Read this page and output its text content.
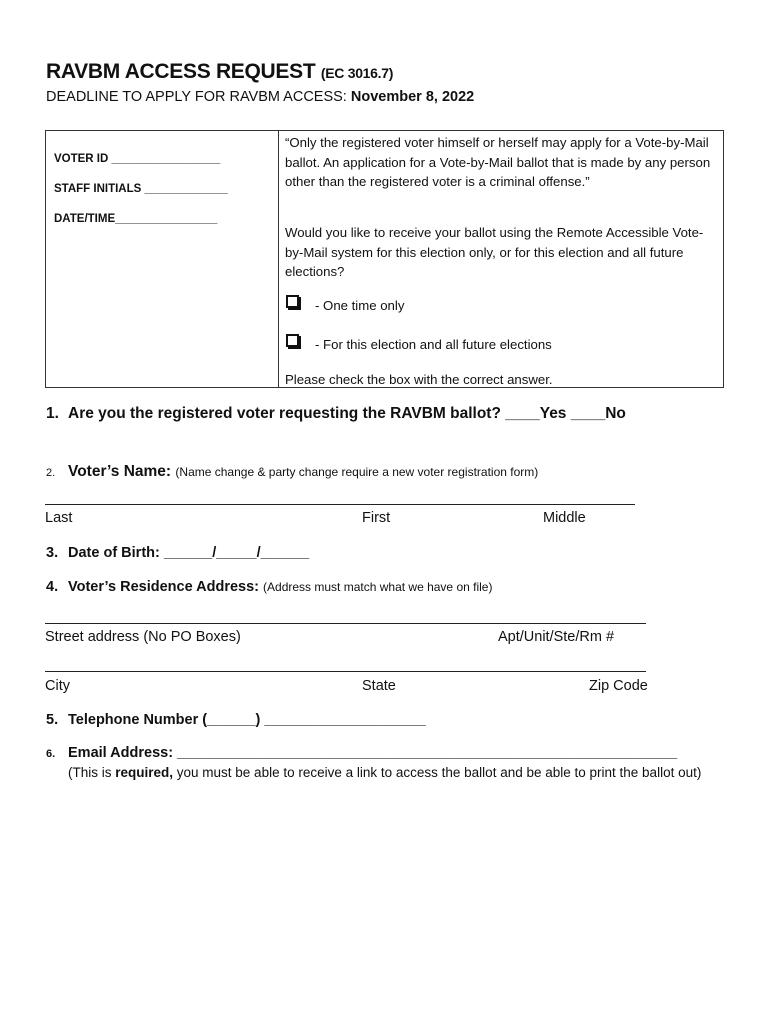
RAVBM ACCESS REQUEST (EC 3016.7)
DEADLINE TO APPLY FOR RAVBM ACCESS: November 8, 2022
VOTER ID _________________
STAFF INITIALS _____________
DATE/TIME________________
“Only the registered voter himself or herself may apply for a Vote-by-Mail ballot. An application for a Vote-by-Mail ballot that is made by any person other than the registered voter is a criminal offense.”
Would you like to receive your ballot using the Remote Accessible Vote-by-Mail system for this election only, or for this election and all future elections?
- One time only
- For this election and all future elections
Please check the box with the correct answer.
1. Are you the registered voter requesting the RAVBM ballot? ____Yes ____No
2. Voter’s Name: (Name change & party change require a new voter registration form)
Last	First	Middle
3. Date of Birth: ______/_____/______
4. Voter’s Residence Address: (Address must match what we have on file)
Street address (No PO Boxes)	Apt/Unit/Ste/Rm #
City	State	Zip Code
5. Telephone Number (______) ____________________
6. Email Address: ______________________________________________________________
(This is required, you must be able to receive a link to access the ballot and be able to print the ballot out)
